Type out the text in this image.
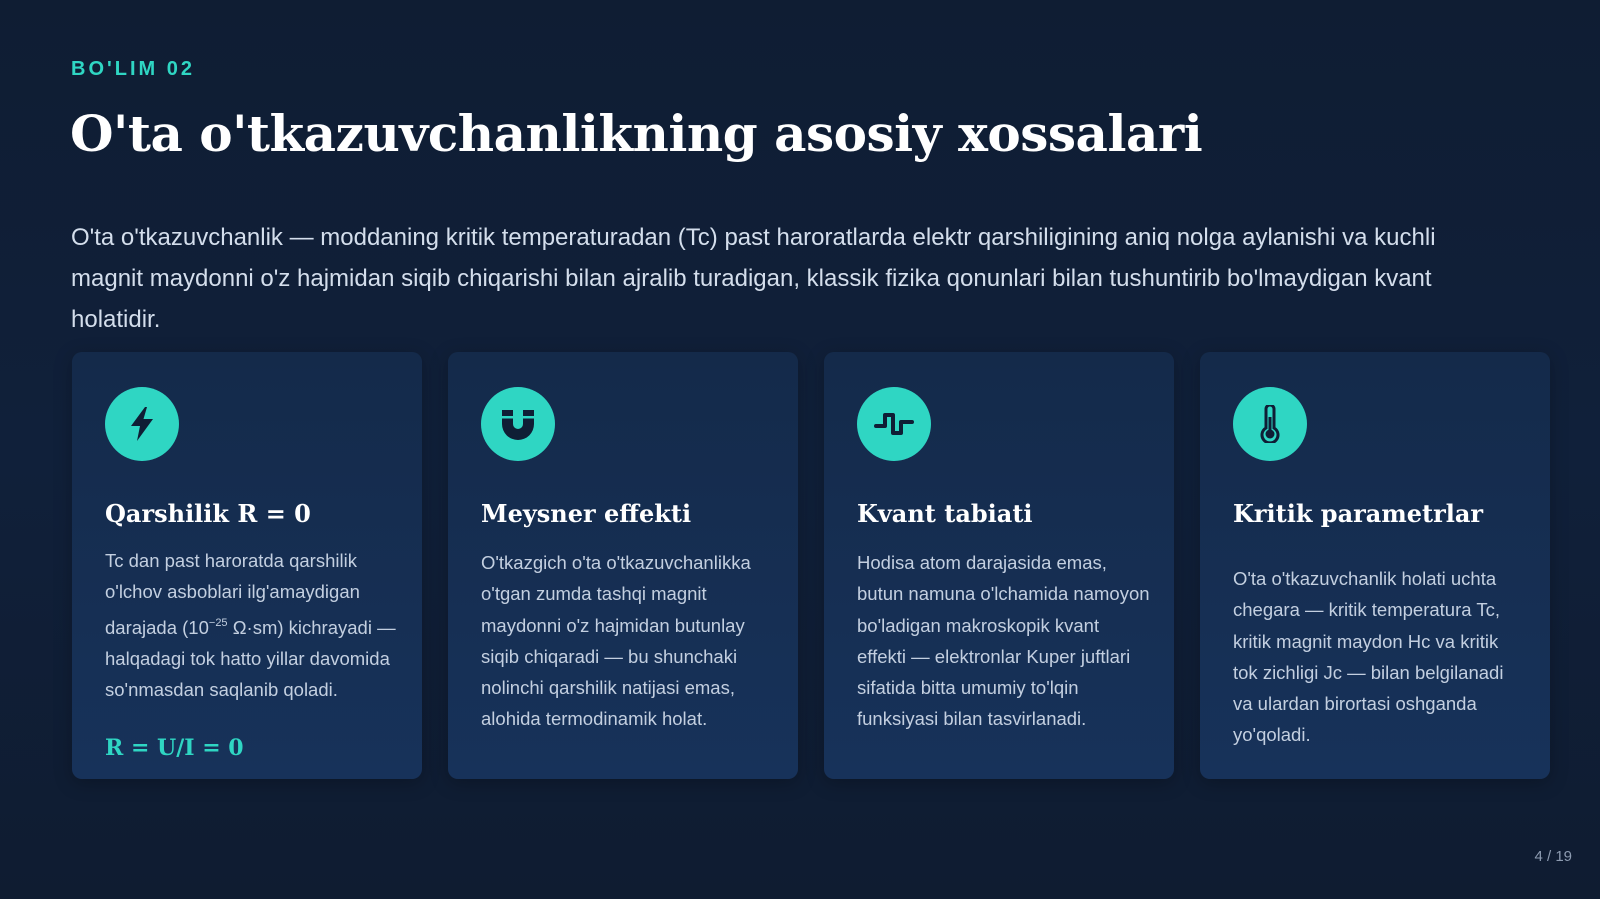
BO'LIM 02
O'ta o'tkazuvchanlikning asosiy xossalari

O'ta o'tkazuvchanlik — moddaning kritik temperaturadan (Tc) past haroratlarda elektr qarshiligining aniq nolga aylanishi va kuchli magnit maydonni o'z hajmidan siqib chiqarishi bilan ajralib turadigan, klassik fizika qonunlari bilan tushuntirib bo'lmaydigan kvant holatidir.

Qarshilik R = 0

Tc dan past haroratda qarshilik o'lchov asboblari ilg'amaydigan darajada ($10^{-25}$ Ω·sm) kichrayadi — halqadagi tok hatto yillar davomida so'nmasdan saqlanib qoladi.

R = U/I = 0
Meysner effekti

O'tkazgich o'ta o'tkazuvchanlikka o'tgan zumda tashqi magnit maydonni o'z hajmidan butunlay siqib chiqaradi — bu shunchaki nolinchi qarshilik natijasi emas, alohida termodinamik holat.

Kvant tabiati

Hodisa atom darajasida emas, butun namuna o'lchamida namoyon bo'ladigan makroskopik kvant effekti — elektronlar Kuper juftlari sifatida bitta umumiy to'lqin funksiyasi bilan tasvirlanadi.

Kritik parametrlar

O'ta o'tkazuvchanlik holati uchta chegara — kritik temperatura Tc, kritik magnit maydon Hc va kritik tok zichligi Jc — bilan belgilanadi va ulardan birortasi oshganda yo'qoladi.

4 / 19
